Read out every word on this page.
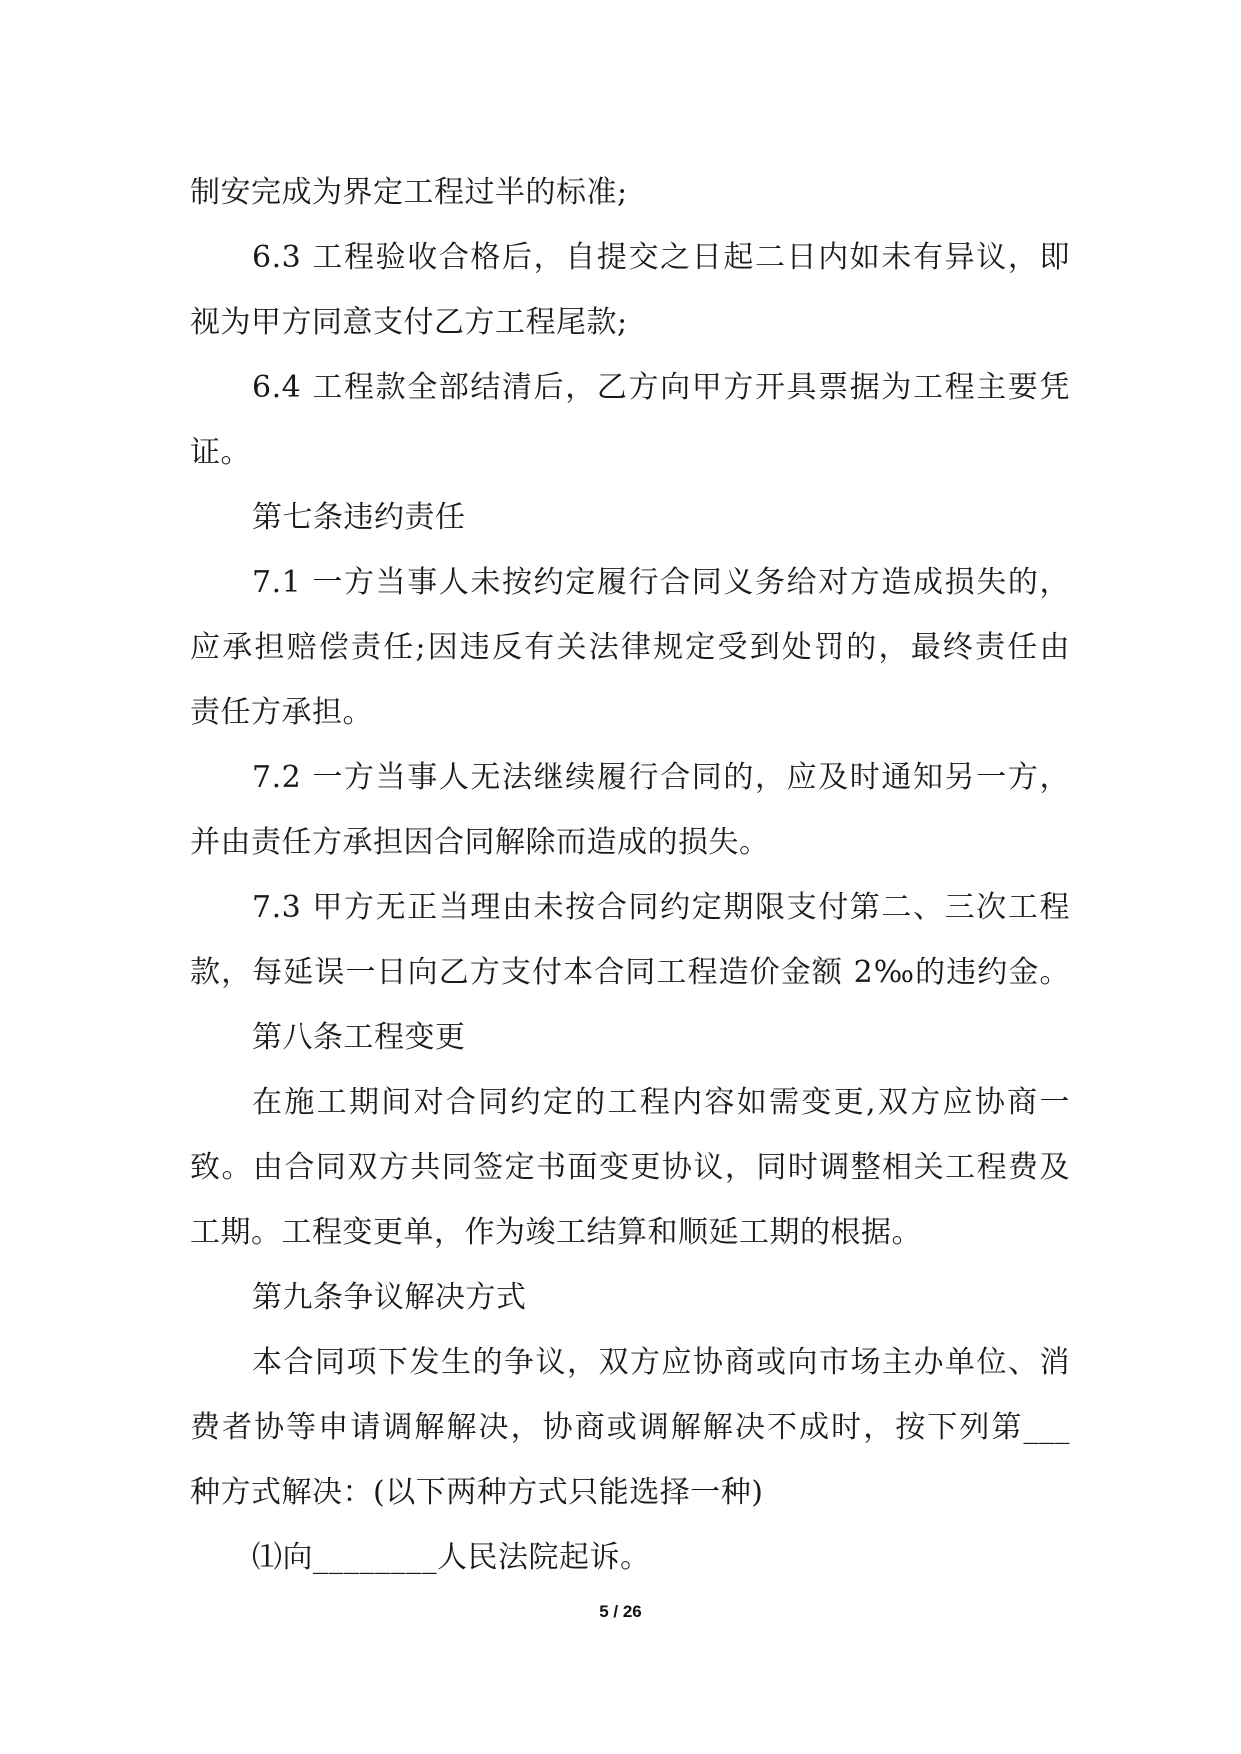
制安完成为界定工程过半的标准;
6.3 工程验收合格后，自提交之日起二日内如未有异议，即
视为甲方同意支付乙方工程尾款;
6.4 工程款全部结清后，乙方向甲方开具票据为工程主要凭
证。
第七条违约责任
7.1 一方当事人未按约定履行合同义务给对方造成损失的，
应承担赔偿责任;因违反有关法律规定受到处罚的，最终责任由
责任方承担。
7.2 一方当事人无法继续履行合同的，应及时通知另一方，
并由责任方承担因合同解除而造成的损失。
7.3 甲方无正当理由未按合同约定期限支付第二、三次工程
款，每延误一日向乙方支付本合同工程造价金额 2‰的违约金。
第八条工程变更
在施工期间对合同约定的工程内容如需变更,双方应协商一
致。由合同双方共同签定书面变更协议，同时调整相关工程费及
工期。工程变更单，作为竣工结算和顺延工期的根据。
第九条争议解决方式
本合同项下发生的争议，双方应协商或向市场主办单位、消
费者协等申请调解解决，协商或调解解决不成时，按下列第___
种方式解决：(以下两种方式只能选择一种)
⑴向________人民法院起诉。
5 / 26
